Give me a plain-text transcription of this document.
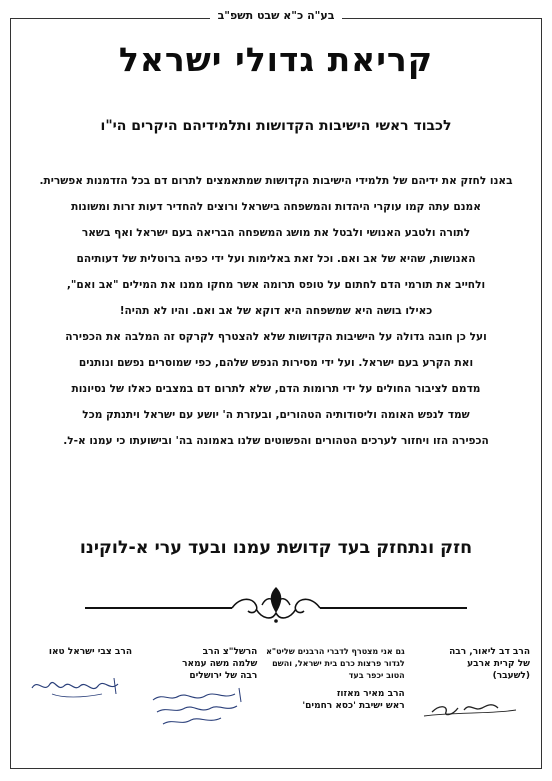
בע"ה כ"א שבט תשפ"ב
קריאת גדולי ישראל
לכבוד ראשי הישיבות הקדושות ותלמידיהם היקרים הי"ו

באנו לחזק את ידיהם של תלמידי הישיבות הקדושות שמתאמצים לתרום דם בכל הזדמנות אפשרית.

אמנם עתה קמו עוקרי היהדות והמשפחה בישראל ורוצים להחדיר דעות זרות ומשונות

לתורה ולטבע האנושי ולבטל את מושג המשפחה הבריאה בעם ישראל ואף בשאר

האנושות, שהיא של אב ואם. וכל זאת באלימות ועל ידי כפיה ברוטלית של דעותיהם

ולחייב את תורמי הדם לחתום על טופס תרומה אשר מחקו ממנו את המילים "אב ואם",

כאילו בושה היא שמשפחה היא דוקא של אב ואם. והיו לא תהיה!

ועל כן חובה גדולה על הישיבות הקדושות שלא להצטרף לקרקס זה המלבה את הכפירה

ואת הקרע בעם ישראל. ועל ידי מסירות הנפש שלהם, כפי שמוסרים נפשם ונותנים

מדמם לציבור החולים על ידי תרומות הדם, שלא לתרום דם במצבים כאלו של נסיונות

שמד לנפש האומה וליסודותיה הטהורים, ובעזרת ה' יושע עם ישראל ויתנתק מכל

הכפירה הזו ויחזור לערכים הטהורים והפשוטים שלנו באמונה בה' ובישועתו כי עמנו א-ל.

חזק ונתחזק בעד קדושת עמנו ובעד ערי א-לוקינו
הרב דב ליאור, רבה
של קרית ארבע
(לשעבר)
גם אני מצטרף לדברי הרבנים שליט"א
לגדור פרצות כרם בית ישראל, והשם
הטוב יכפר בעד
הרב מאיר מאזוז
ראש ישיבת 'כסא רחמים'
הרשל"צ הרב
שלמה משה עמאר
רבה של ירושלים
הרב צבי ישראל טאו
